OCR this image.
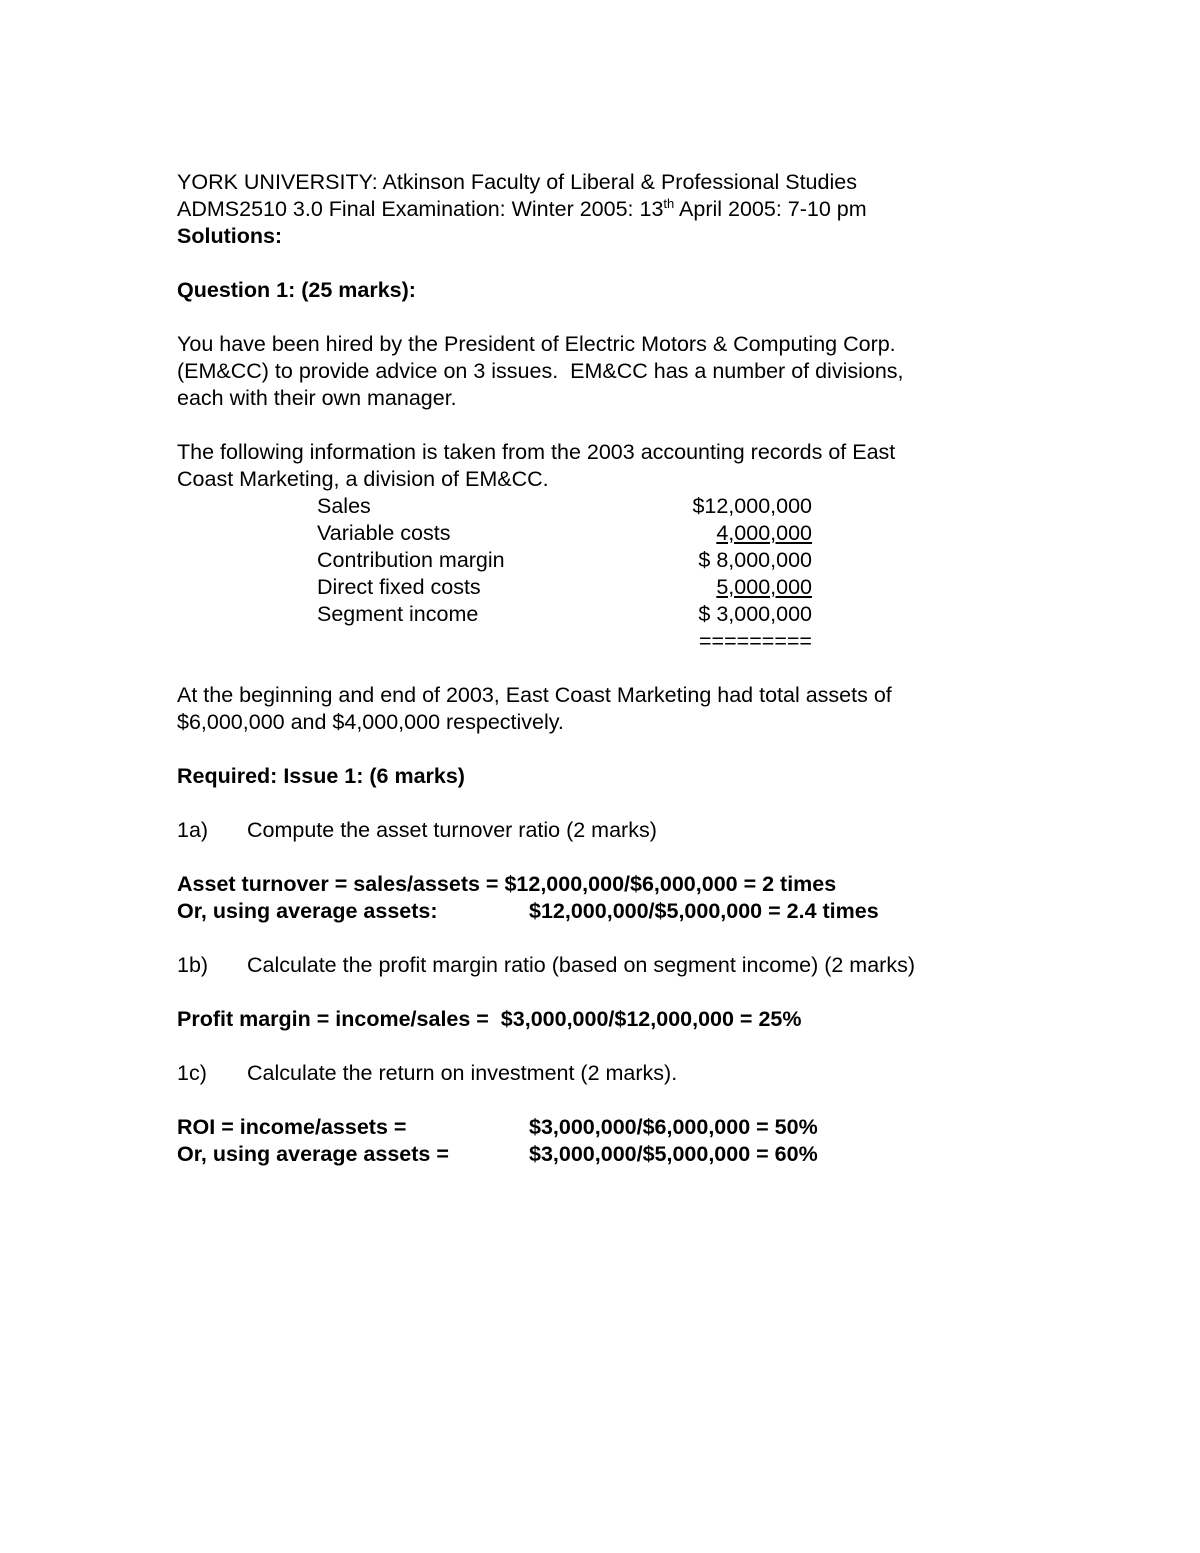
YORK UNIVERSITY: Atkinson Faculty of Liberal & Professional Studies
ADMS2510 3.0 Final Examination: Winter 2005: 13th April 2005: 7-10 pm
Solutions:
Question 1: (25 marks):
You have been hired by the President of Electric Motors & Computing Corp.
(EM&CC) to provide advice on 3 issues.  EM&CC has a number of divisions,
each with their own manager.
The following information is taken from the 2003 accounting records of East
Coast Marketing, a division of EM&CC.
Sales	$12,000,000
Variable costs	4,000,000
Contribution margin	$ 8,000,000
Direct fixed costs	5,000,000
Segment income	$ 3,000,000
	=========
At the beginning and end of 2003, East Coast Marketing had total assets of
$6,000,000 and $4,000,000 respectively.
Required: Issue 1: (6 marks)
1a)	Compute the asset turnover ratio (2 marks)
Asset turnover = sales/assets = $12,000,000/$6,000,000 = 2 times
Or, using average assets:	$12,000,000/$5,000,000 = 2.4 times
1b)	Calculate the profit margin ratio (based on segment income) (2 marks)
Profit margin = income/sales =  $3,000,000/$12,000,000 = 25%
1c)	Calculate the return on investment (2 marks).
ROI = income/assets =	$3,000,000/$6,000,000 = 50%
Or, using average assets =	$3,000,000/$5,000,000 = 60%
